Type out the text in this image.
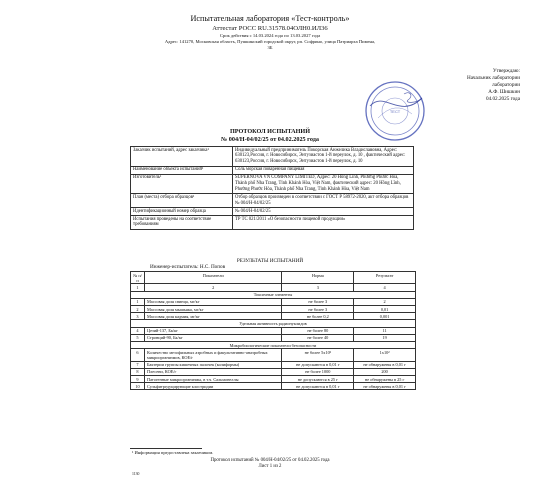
Испытательная лаборатория «Тест-контроль»
Аттестат РОСС RU.31578.04ОЛН0.ИЛ36
Срок действия с 14.03.2024 года по 13.03.2027 года
Адрес: 141270, Московская область, Пушкинский городской округ, рп. Софрино, улица Патриарха Пимена,
3Б
Утверждаю:
Начальник лаборатории
лаборатории
А.Ф. Шишкин
04.02.2025 года
ТЕСТ
ПРОТОКОЛ ИСПЫТАНИЙ
№ 004/Н-04/02/25 от 04.02.2025 года
Заказчик испытаний, адрес заказчика¹	Индивидуальный предприниматель Покорская Анжелика Владиславовна, Адрес: 630123,Россия, г. Новосибирск, Энтузиастов 1-й переулок, д. 10 , фактический адрес: 630123,Россия, г. Новосибирск, Энтузиастов 1-й переулок, д. 10
Наименование объекта испытаний¹	Соль морская поваренная пищевая
Изготовитель¹	SUPERNOVA VN COMPANY LIMITED, Адрес: 20 Hồng Lĩnh, Phường Phước Hòa, Thành phố Nha Trang, Tỉnh Khánh Hòa, Việt Nam, фактический адрес: 20 Hồng Lĩnh, Phường Phước Hòa, Thành phố Nha Trang, Tỉnh Khánh Hòa, Việt Nam
План (места) отбора образцов¹	Отбор образцов произведен в соответствии с ГОСТ Р 58972-2020, акт отбора образцов № 004/Н-04/02/25
Идентификационный номер образца	№ 004/Н-04/02/25
Испытания проведены на соответствие требованиям	ТР ТС 021/2011 «О безопасности пищевой продукции»
РЕЗУЛЬТАТЫ ИСПЫТАНИЙ
Инженер-испытатель: Н.С. Попов
№ п/п	Показатели	Норма	Результат
1	2	3	4
Токсичные элементы			
1	Массовая доля свинца, мг/кг	не более 3	2
2	Массовая доля мышьяка, мг/кг	не более 3	0,01
3	Массовая доля кадмия, мг/кг	не более 0,2	0,001
Удельная активность радионуклидов			
4	Цезий-137, Бк/кг	не более 80	11
5	Стронций-90, Бк/кг	не более 40	19
Микробиологические показатели безопасности			
6	Количество мезофильных аэробных и факультативно-анаэробных микроорганизмов, КОЕ/г	не более 5х10³	1х10²
7	Бактерии группы кишечных палочек (колиформы)	не допускаются в 0,01 г	не обнаружены в 0,01 г
8	Плесени, КОЕ/г	не более 1000	200
9	Патогенные микроорганизмы, в т.ч. Сальмонеллы	не допускаются в 25 г	не обнаружены в 25 г
10	Сульфитредуцирующие клостридии	не допускаются в 0,01 г	не обнаружены в 0,01 г
¹ Информация предоставлена заказчиком.
Протокол испытаний № 004/Н-04/02/25 от 04.02.2025 года
Лист 1 из 2
1130
